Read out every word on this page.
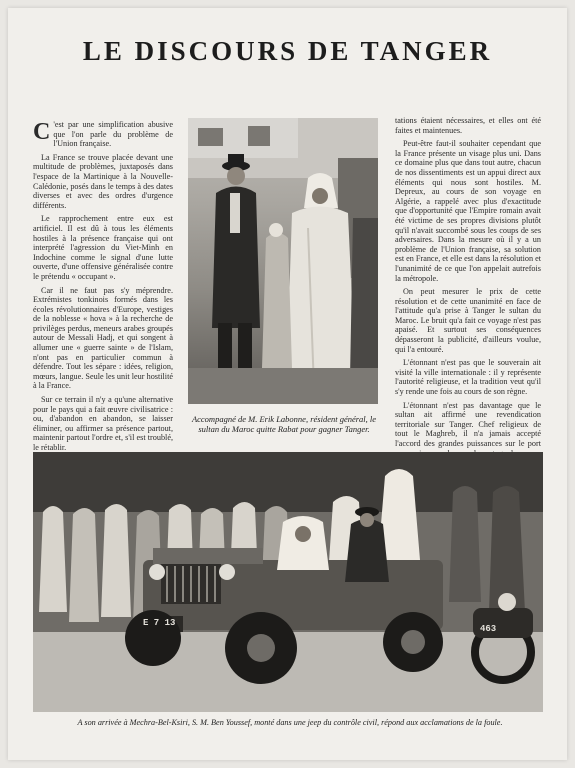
LE DISCOURS DE TANGER

C 'est par une simplification abusive que l'on parle du problème de l'Union française.

La France se trouve placée devant une multitude de problèmes, juxtaposés dans l'espace de la Martinique à la Nouvelle-Calédonie, posés dans le temps à des dates diverses et avec des ordres d'urgence différents.

Le rapprochement entre eux est artificiel. Il est dû à tous les éléments hostiles à la présence française qui ont interprété l'agression du Viet-Minh en Indochine comme le signal d'une lutte ouverte, d'une offensive généralisée contre le prétendu « occupant ».

Car il ne faut pas s'y méprendre. Extrémistes tonkinois formés dans les écoles révolutionnaires d'Europe, vestiges de la noblesse « hova » à la recherche de privilèges perdus, meneurs arabes groupés autour de Messali Hadj, et qui songent à allumer une « guerre sainte » de l'Islam, n'ont pas en particulier commun à défendre. Tout les sépare : idées, religion, mœurs, langue. Seule les unit leur hostilité à la France.

Sur ce terrain il n'y a qu'une alternative pour le pays qui a fait œuvre civilisatrice : ou, d'abandon en abandon, se laisser éliminer, ou affirmer sa présence partout, maintenir partout l'ordre et, s'il est troublé, le rétablir.

Accompagné de M. Erik Labonne, résident général, le sultan du Maroc quitte Rabat pour gagner Tanger.

tations étaient nécessaires, et elles ont été faites et maintenues.

Peut-être faut-il souhaiter cependant que la France présente un visage plus uni. Dans ce domaine plus que dans tout autre, chacun de nos dissentiments est un appui direct aux éléments qui nous sont hostiles. M. Depreux, au cours de son voyage en Algérie, a rappelé avec plus d'exactitude que d'opportunité que l'Empire romain avait été victime de ses propres divisions plutôt qu'il n'avait succombé sous les coups de ses adversaires. Dans la mesure où il y a un problème de l'Union française, sa solution est en France, et elle est dans la résolution et l'unanimité de ce que l'on appelait autrefois la métropole.

On peut mesurer le prix de cette résolution et de cette unanimité en face de l'attitude qu'a prise à Tanger le sultan du Maroc. Le bruit qu'a fait ce voyage n'est pas apaisé. Et surtout ses conséquences dépasseront la publicité, d'ailleurs voulue, qui l'a entouré.

L'étonnant n'est pas que le souverain ait visité la ville internationale : il y représente l'autorité religieuse, et la tradition veut qu'il s'y rende une fois au cours de son règne.

L'étonnant n'est pas davantage que le sultan ait affirmé une revendication territoriale sur Tanger. Chef religieux de tout le Maghreb, il n'a jamais accepté l'accord des grandes puissances sur le port

E 7 13
463
A son arrivée à Mechra-Bel-Ksiri, S. M. Ben Youssef, monté dans une jeep du contrôle civil, répond aux acclamations de la foule.
